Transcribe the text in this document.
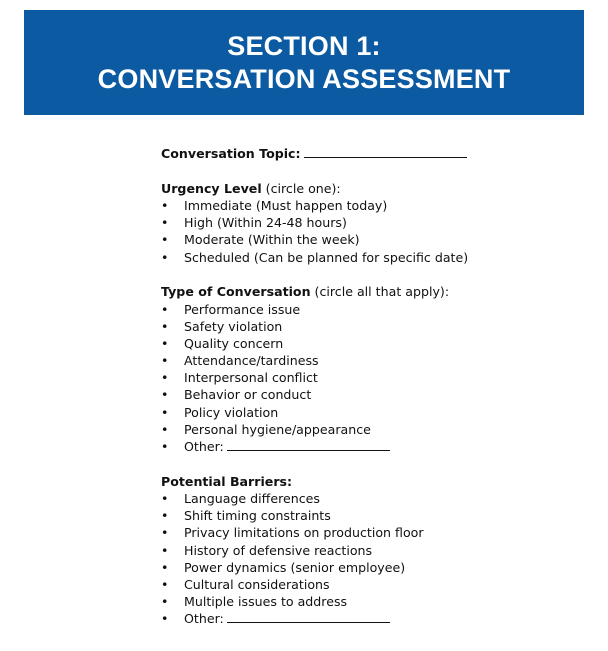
SECTION 1:
CONVERSATION ASSESSMENT
Conversation Topic:
Urgency Level (circle one):
• Immediate (Must happen today)
• High (Within 24-48 hours)
• Moderate (Within the week)
• Scheduled (Can be planned for specific date)
Type of Conversation (circle all that apply):
• Performance issue
• Safety violation
• Quality concern
• Attendance/tardiness
• Interpersonal conflict
• Behavior or conduct
• Policy violation
• Personal hygiene/appearance
• Other:
Potential Barriers:
• Language differences
• Shift timing constraints
• Privacy limitations on production floor
• History of defensive reactions
• Power dynamics (senior employee)
• Cultural considerations
• Multiple issues to address
• Other:
